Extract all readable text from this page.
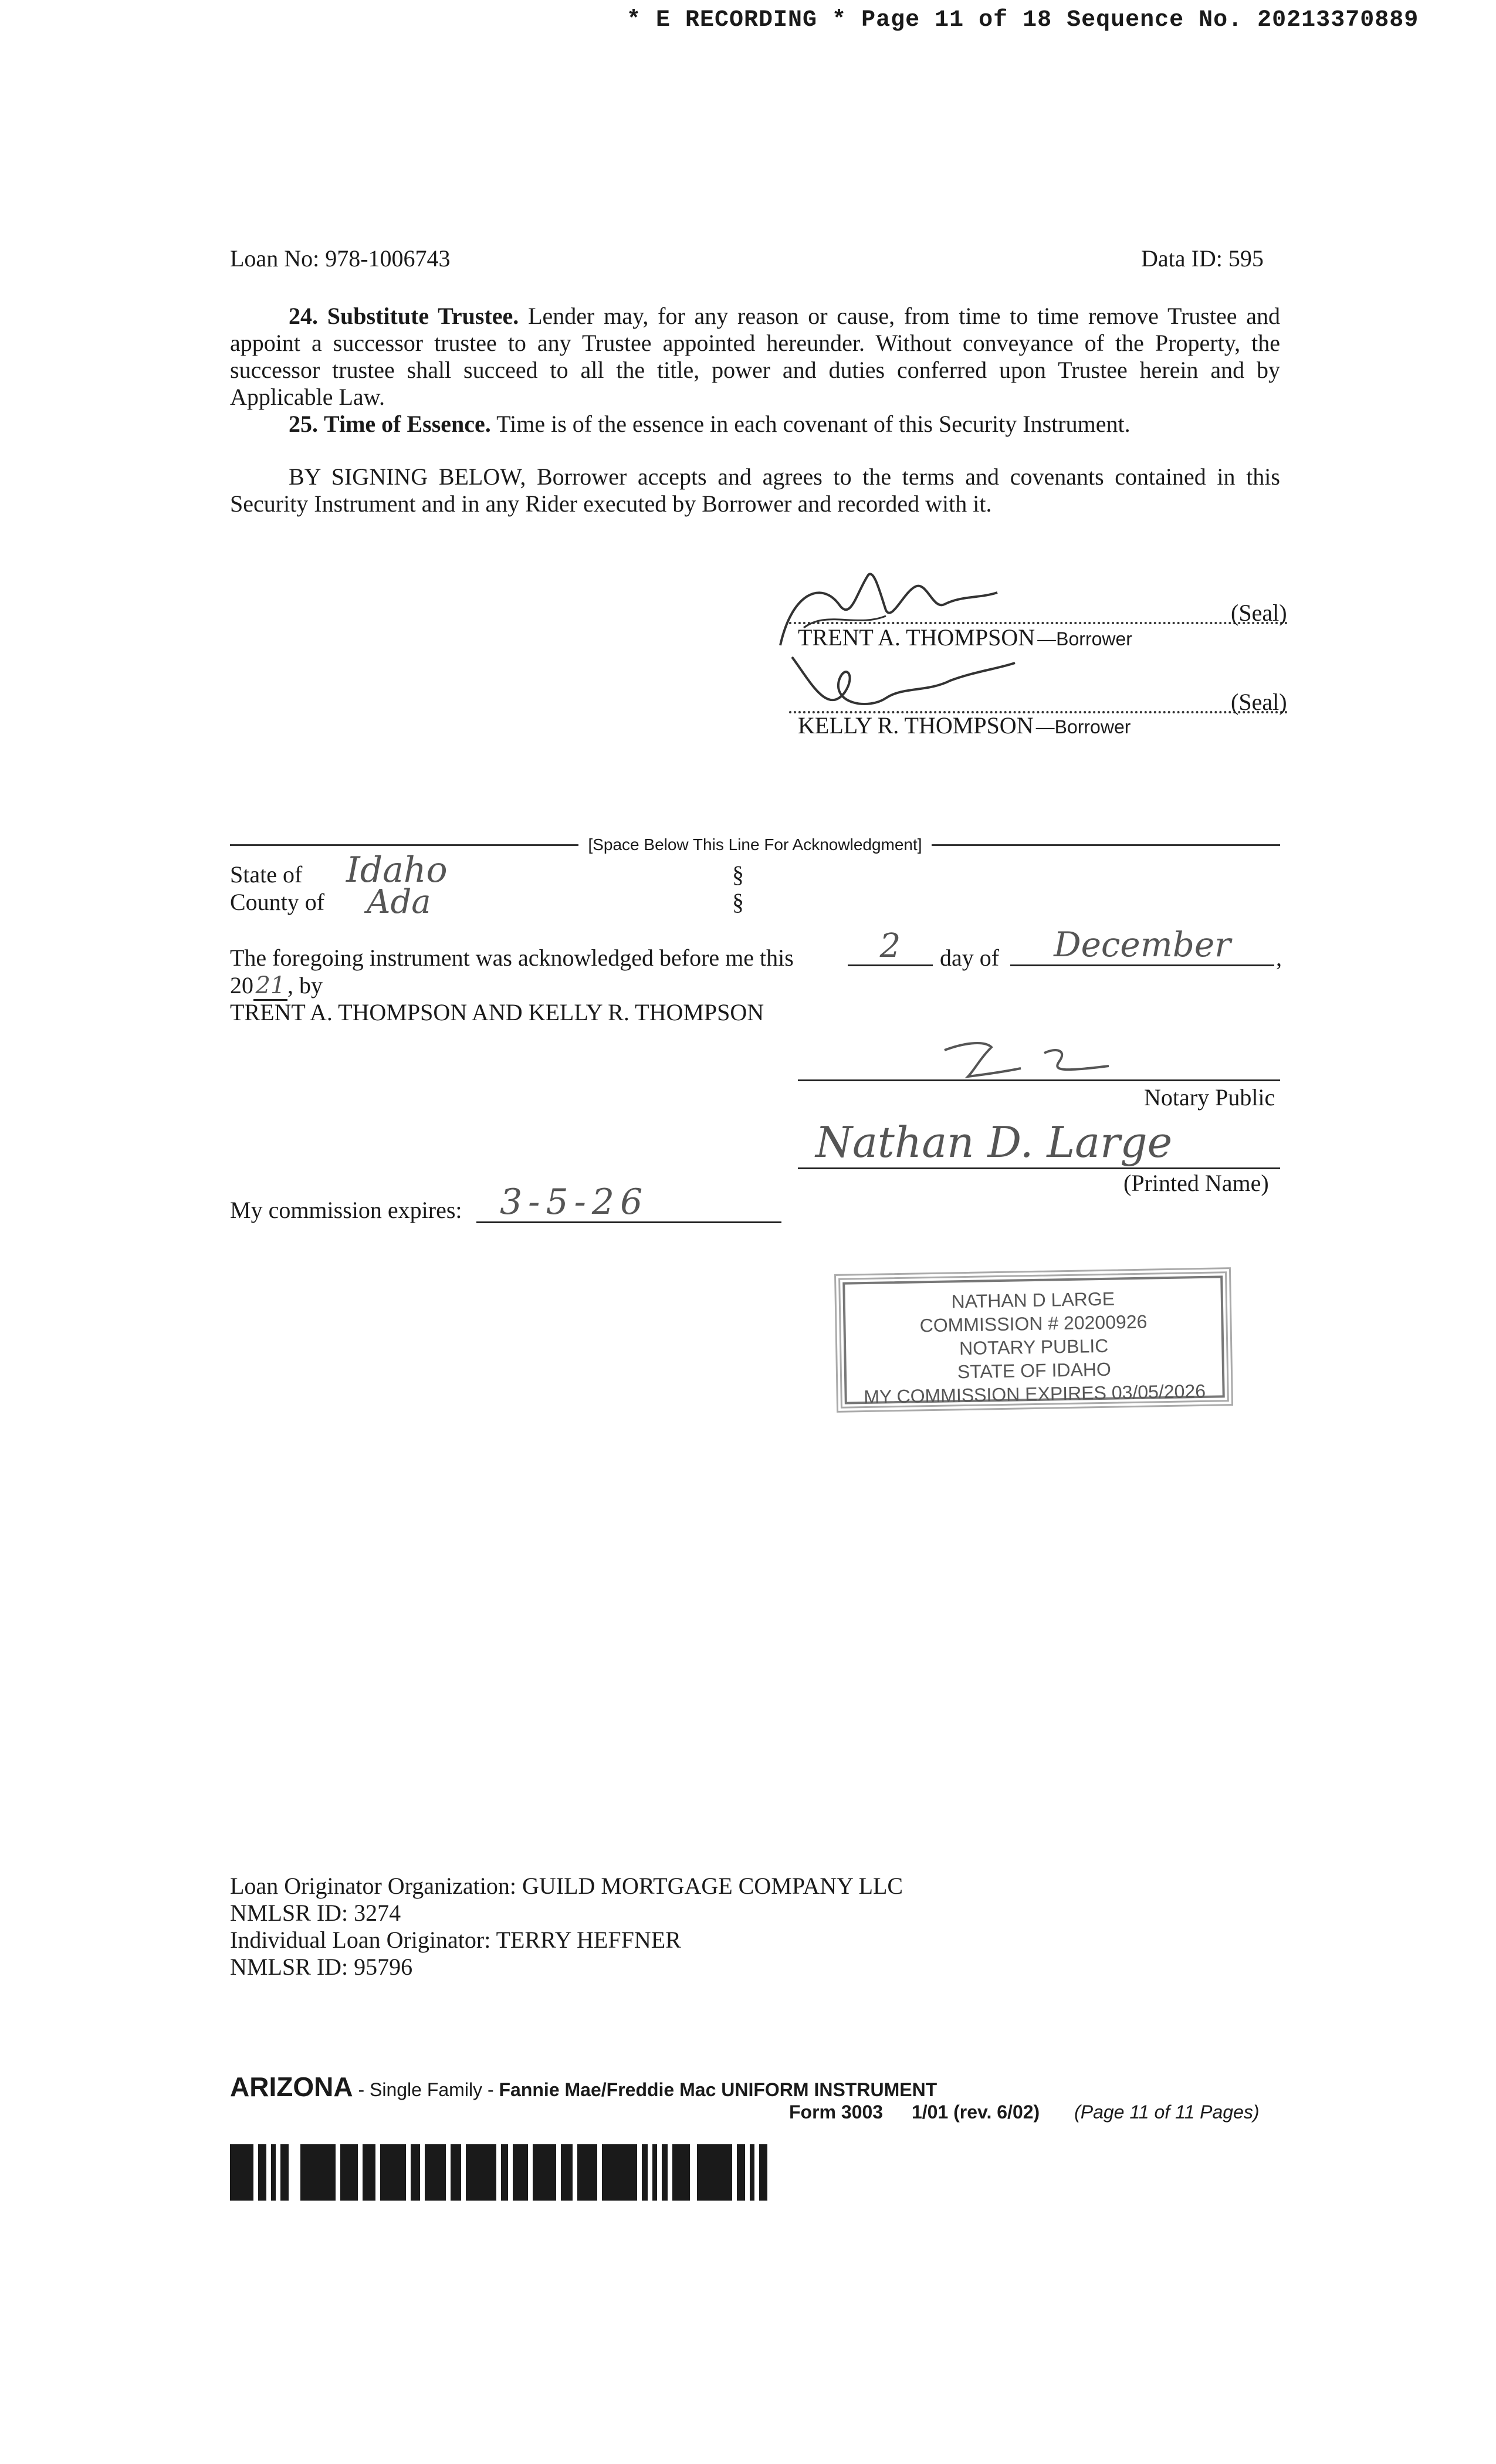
* E RECORDING * Page 11 of 18 Sequence No. 20213370889
Loan No: 978-1006743	Data ID: 595
24. Substitute Trustee. Lender may, for any reason or cause, from time to time remove Trustee and appoint a successor trustee to any Trustee appointed hereunder. Without conveyance of the Property, the successor trustee shall succeed to all the title, power and duties conferred upon Trustee herein and by Applicable Law.
25. Time of Essence. Time is of the essence in each covenant of this Security Instrument.
BY SIGNING BELOW, Borrower accepts and agrees to the terms and covenants contained in this Security Instrument and in any Rider executed by Borrower and recorded with it.
(Seal)
TRENT A. THOMPSON —Borrower
(Seal)
KELLY R. THOMPSON —Borrower
[Space Below This Line For Acknowledgment]
State of Idaho	§
County of Ada	§
The foregoing instrument was acknowledged before me this	2	day of	December	,
2021, by
TRENT A. THOMPSON AND KELLY R. THOMPSON
Notary Public
Nathan D. Large
(Printed Name)
My commission expires: 3-5-26
NATHAN D LARGE
COMMISSION # 20200926
NOTARY PUBLIC
STATE OF IDAHO
MY COMMISSION EXPIRES 03/05/2026
Loan Originator Organization: GUILD MORTGAGE COMPANY LLC
NMLSR ID: 3274
Individual Loan Originator: TERRY HEFFNER
NMLSR ID: 95796
ARIZONA - Single Family - Fannie Mae/Freddie Mac UNIFORM INSTRUMENT
Form 3003 1/01 (rev. 6/02) (Page 11 of 11 Pages)
